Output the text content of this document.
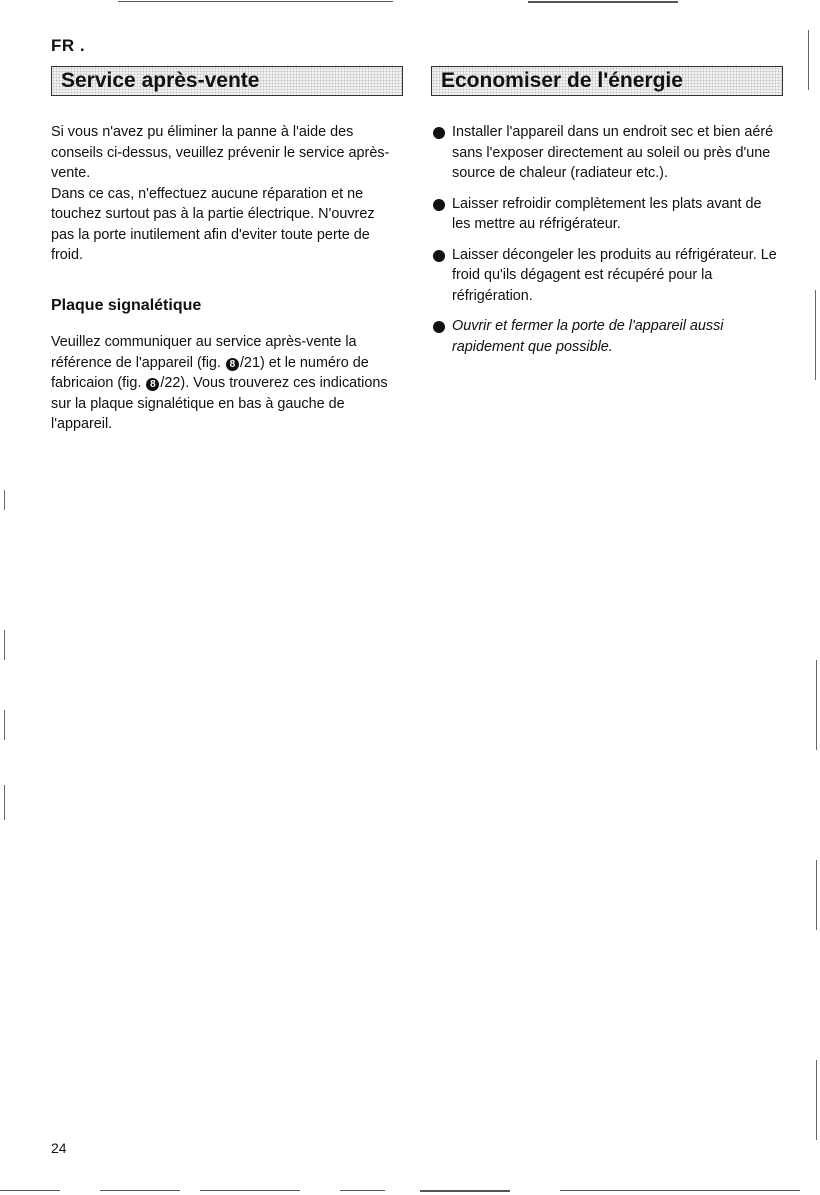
FR .
Service après-vente

Si vous n'avez pu éliminer la panne à l'aide des conseils ci-dessus, veuillez prévenir le service après-vente.

Dans ce cas, n'effectuez aucune réparation et ne touchez surtout pas à la partie électrique. N'ouvrez pas la porte inutilement afin d'eviter toute perte de froid.

Plaque signalétique

Veuillez communiquer au service après-vente la référence de l'appareil (fig. 8 /21) et le numéro de fabricaion (fig. 8 /22). Vous trouverez ces indications sur la plaque signalétique en bas à gauche de l'appareil.

Economiser de l'énergie
Installer l'appareil dans un endroit sec et bien aéré sans l'exposer directement au soleil ou près d'une source de chaleur (radiateur etc.).
Laisser refroidir complètement les plats avant de les mettre au réfrigérateur.
Laisser décongeler les produits au réfrigérateur. Le froid qu'ils dégagent est récupéré pour la réfrigération.
Ouvrir et fermer la porte de l'appareil aussi rapidement que possible.
24
